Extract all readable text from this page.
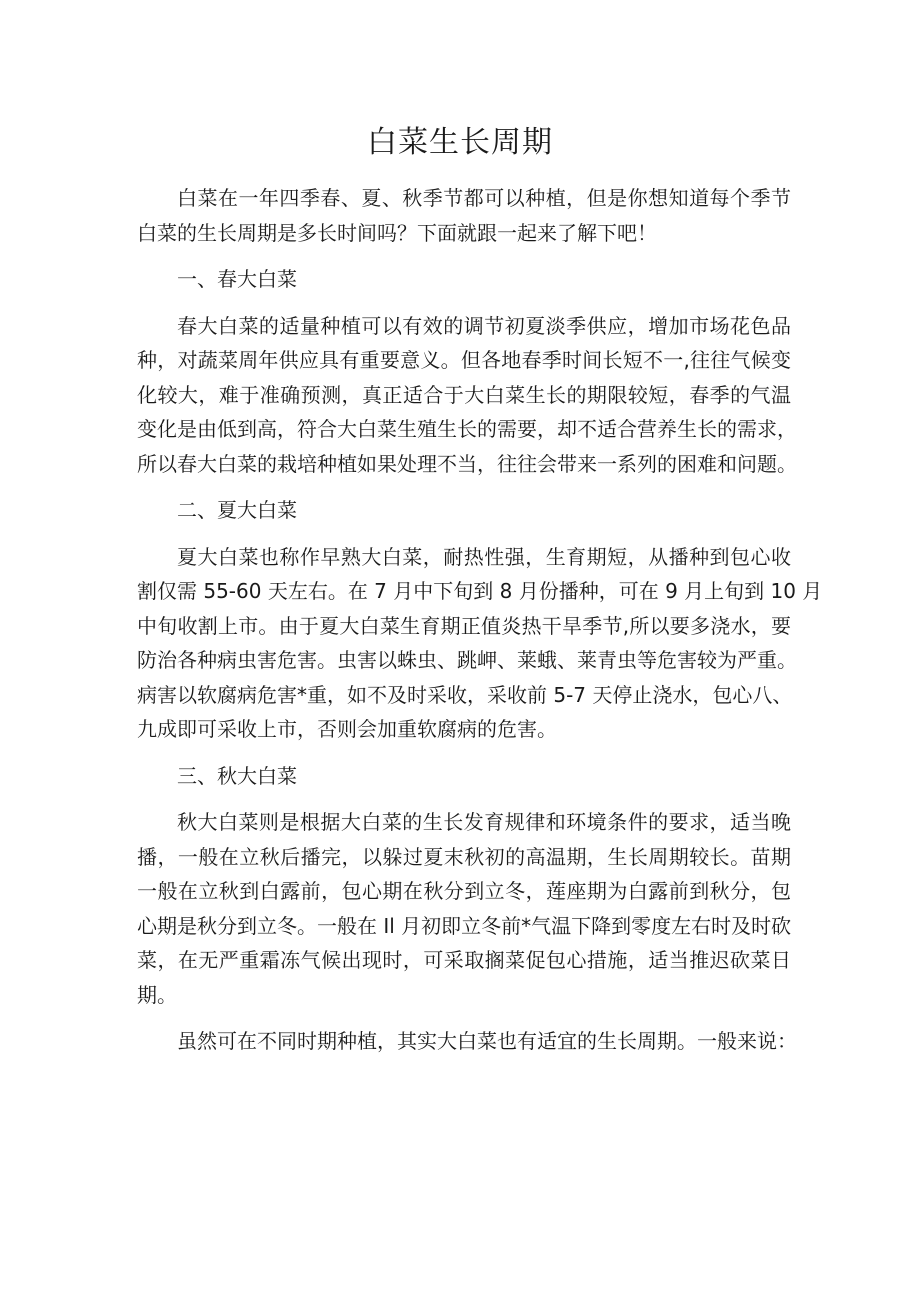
白菜生长周期
白菜在一年四季春、夏、秋季节都可以种植，但是你想知道每个季节
白菜的生长周期是多长时间吗？下面就跟一起来了解下吧！
一、春大白菜
春大白菜的适量种植可以有效的调节初夏淡季供应，增加市场花色品
种，对蔬菜周年供应具有重要意义。但各地春季时间长短不一,往往气候变
化较大，难于准确预测，真正适合于大白菜生长的期限较短，春季的气温
变化是由低到高，符合大白菜生殖生长的需要，却不适合营养生长的需求，
所以春大白菜的栽培种植如果处理不当，往往会带来一系列的困难和问题。
二、夏大白菜
夏大白菜也称作早熟大白菜，耐热性强，生育期短，从播种到包心收
割仅需 55-60 天左右。在 7 月中下旬到 8 月份播种，可在 9 月上旬到 10 月
中旬收割上市。由于夏大白菜生育期正值炎热干旱季节,所以要多浇水，要
防治各种病虫害危害。虫害以蛛虫、跳岬、莱蛾、莱青虫等危害较为严重。
病害以软腐病危害*重，如不及时采收，采收前 5-7 天停止浇水，包心八、
九成即可采收上市，否则会加重软腐病的危害。
三、秋大白菜
秋大白菜则是根据大白菜的生长发育规律和环境条件的要求，适当晚
播，一般在立秋后播完，以躲过夏末秋初的高温期，生长周期较长。苗期
一般在立秋到白露前，包心期在秋分到立冬，莲座期为白露前到秋分，包
心期是秋分到立冬。一般在 Il 月初即立冬前*气温下降到零度左右时及时砍
菜，在无严重霜冻气候出现时，可采取搁菜促包心措施，适当推迟砍菜日
期。
虽然可在不同时期种植，其实大白菜也有适宜的生长周期。一般来说：
